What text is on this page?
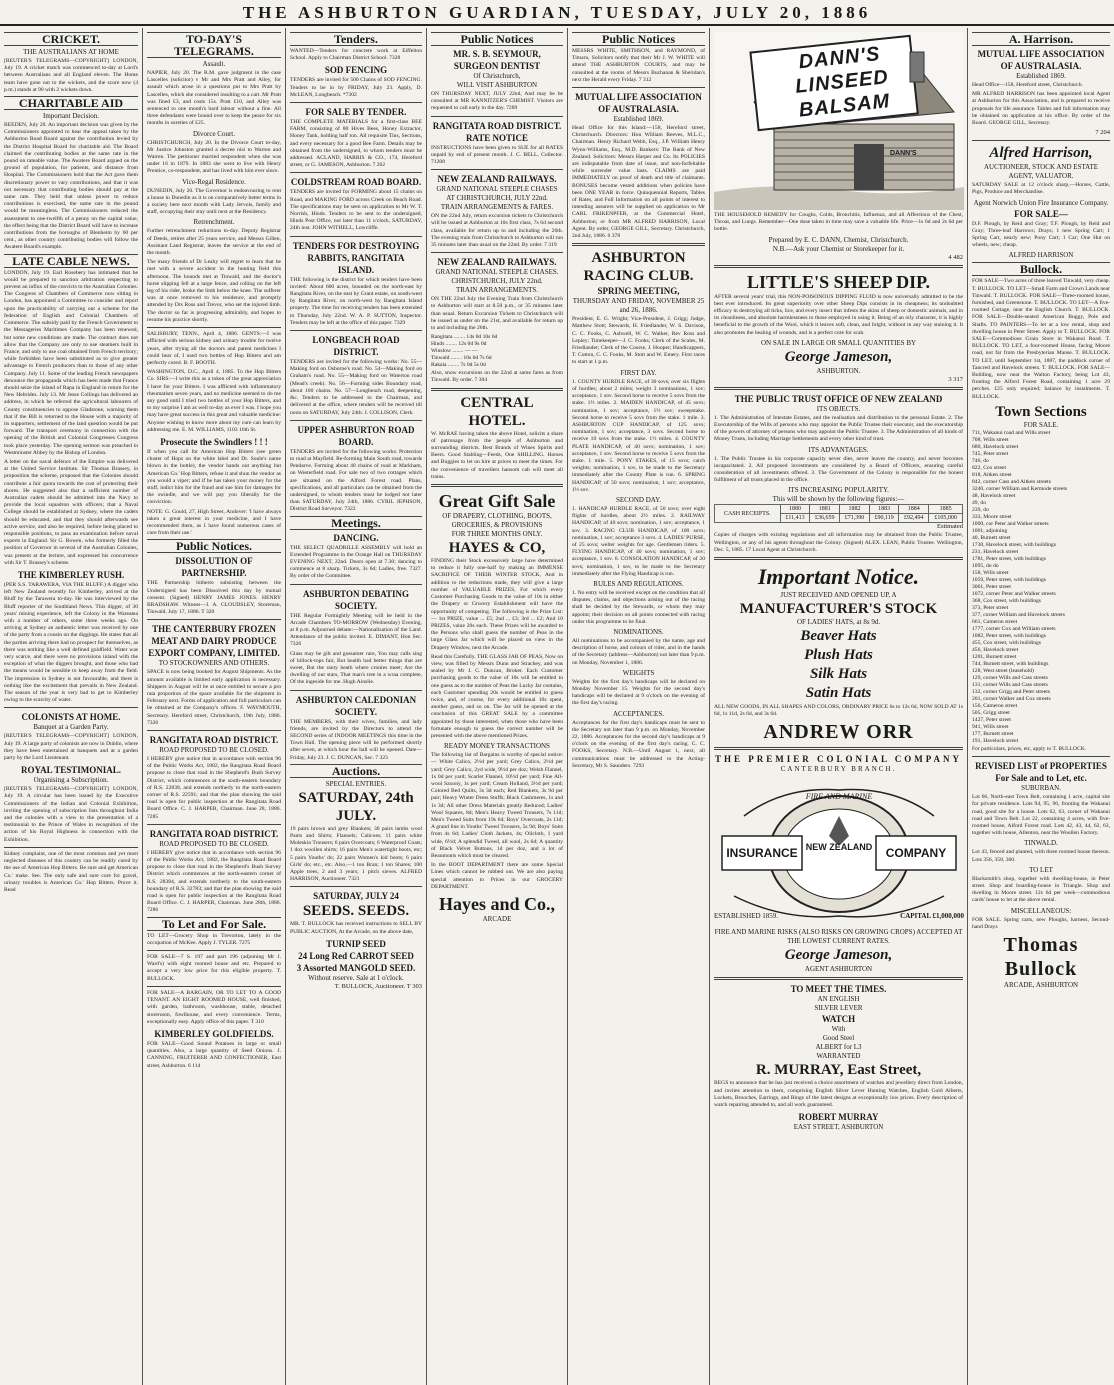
THE ASHBURTON GUARDIAN, TUESDAY, JULY 20, 1886
CRICKET.
THE AUSTRALIANS AT HOME

[REUTER'S TELEGRAMS—COPYRIGHT] LONDON, July 19. A cricket match was commenced to-day at Lord's between Australians and all England eleven. The Home team have gone out to the wickets, and the score now (4 p.m.) stands at 90 with 2 wickets down.

CHARITABLE AID
Important Decision.

BEEDEN, July 20. An important decision was given by the Commissioners appointed to hear the appeal taken by the Ashburton Road Board against the contribution levied by the District Hospital Board for charitable aid. The Board claimed the contributing bodies at the same rate in the pound on rateable value. The Awatere Board argued on the ground of population, for patients, and distance from Hospital. The Commissioners hold that the Act gave them discretionary power to vary contributions, and that it was not necessary that contributing bodies should pay at the same rate. They held that unless power to reduce contributions is exercised, the same rate in the pound would be meaningless. The Commissioners reduced the assessment to one-twelfth of a penny on the capital value, the effect being that the District Board will have to increase contributions from the boroughs of Blenheim by 60 per cent., as other country contributing bodies will follow the Awatere Board's example.

LATE CABLE NEWS.

LONDON, July 19. Earl Rosebery has intimated that he would be prepared to sanction arbitration respecting to prevent an influx of the convicts to the Australian Colonies. The Congress of Chambers of Commerce now sitting in London, has appointed a Committee to consider and report upon the practicability of carrying out a scheme for the federation of English and Colonial Chambers of Commerce. The subsidy paid by the French Government to the Messageries Maritimes Company has been renewed, but some new conditions are made. The contract does not allow that the Company are only to use steamers built in France, and only to use coal obtained from French territory; while forbidden have been substituted as to give greater advantage to French producers than to those of any other Company. July 11. Some of the leading French newspapers denounce the propaganda which has been made that France should seize the island of Rapa in England in return for the New Hebrides. July 13. Mr Jesse Collings has delivered an address, in which he referred the agricultural labourers of County constituencies to oppose Gladstone, warning them that if the Bill is returned to the House with a majority of its supporters, settlement of the land question would be put forward. The transport ceremony in connection with the opening of the British and Colonial Congresses Congress took place yesterday. The opening sermon was preached in Westminster Abbey by the Bishop of London.

A letter on the naval defence of the Empire was delivered at the United Service Institute. Sir Thomas Brassey, in proposition the scheme, proposed that the Colonies should contribute a fair quota towards the cost of protecting their shores. He suggested also that a sufficient number of Australian cadets should be admitted into the Navy to provide the local squadron with officers; that a Naval College should be established at Sydney, where the cadets should be educated, and that they should afterwards see active service, and also be required, before being placed to responsible positions, to pass an examination before naval experts in England. Sir G. Bowen, who formerly filled the position of Governor in several of the Australian Colonies, was present at the lecture, and expressed his concurrence with Sir T. Brassey's scheme.

THE KIMBERLEY RUSH.

(PER S.S. TARAWERA, VIA THE BLUFF.) A digger who left New Zealand recently for Kimberley, arrived at the Bluff by the Tarawera to-day. He was interviewed by the Bluff reporter of the Southland News. This digger, of 30 years' mining experience, left the Colony in the Wareatea with a number of others, some three weeks ago. On arriving at Sydney an authentic letter was received by one of the party from a cousin on the diggings. He states that all the parties arriving there had no prospect for themselves, as there was nothing like a well defined goldfield. Water was very scarce, and there were no provisions inland with the exception of what the diggers brought, and those who had the means would be sensible to keep away from the field. The impression in Sydney is not favourable, and there is nothing like the excitement that prevails in New Zealand. The season of the year is very bad to get to Kimberley owing to the scarcity of water.

COLONISTS AT HOME.
Banquet at a Garden Party.

[REUTER'S TELEGRAMS—COPYRIGHT] LONDON, July 19. A large party of colonists are now in Dublin, where they have been entertained at banquets and at a garden party by the Lord Lieutenant.

ROYAL TESTIMONIAL.
Organising a Subscription.

[REUTER'S TELEGRAMS—COPYRIGHT] LONDON, July 19. A circular has been issued by the Executive Commissioners of the Indian and Colonial Exhibition, inviting the opening of subscription lists throughout India and the colonies with a view to the presentation of a testimonial to the Prince of Wales in recognition of the action of his Royal Highness in connection with the Exhibition.

Kidney complaint, one of the most common and yet most neglected diseases of this country can be readily cured by the use of American Hop Bitters. Be sure and get American Co.' make. See. The only safe and sure cure for gravel, urinary troubles is American Co.' Hop Bitters. Prove it. Read

TO-DAY'S TELEGRAMS.
Assault.

NAPIER, July 20. The R.M. gave judgment in the case Lascelles (solicitor) v Mr and Mrs Pratt and Alley, for assault which arose in a questions put to Mrs Pratt by Lascelles, which she considered insulting to a cart. Mr Pratt was fined £3, and costs 15s. Pratt £10, and Alley was sentenced to one month's hard labour without a fine. All three defendants were bound over to keep the peace for six months in sureties of £25.

Divorce Court.

CHRISTCHURCH, July 20. In the Divorce Court to-day, Mr Justice Johnston granted a decree nisi to Warren and Warren. The petitioner married respondent when she was under 16 in 1879. In 1883 she went to live with Henry Prentice, co-respondent, and has lived with him ever since.

Vice-Regal Residence.

DUNEDIN, July 20. The Governor is endeavouring to rent a house in Dunedin as it is on comparatively better terms in a society here next month with Lady Jervois, family and staff, occupying their stay until next at the Residency.

Retrenchment.

Further retrenchment reductions to-day. Deputy Registrar of Deeds, retires after 25 years service, and Messrs Gillen, Assistant Land Registrar, leaves the service at the end of the month.

The many friends of Dr Leahy will regret to learn that he met with a severe accident in the hunting field this afternoon. The hounds met at Tinwald, and the doctor's horse slipping fell at a large fence, and rolling on the left leg of his rider, broke the limb below the knee. The sufferer was at once removed to his residence, and promptly attended by Drs Ross and Trevor, who set the injured limb. The doctor so far is progressing admirably, and hopes to resume his practice shortly.

SALISBURY, TENN., April 4, 1886. GENTS:—I was afflicted with serious kidney and urinary trouble for twelve years, after trying all the doctors and patent medicines I could hear of, I used two bottles of Hop Bitters and am perfectly cured. B. F. BOOTH.

WASHINGTON, D.C., April 4, 1885. To the Hop Bitters Co. SIRS:—I write this as a token of the great appreciation I have for your Bitters. I was afflicted with inflammatory rheumatism seven years, and no medicine seemed to do me any good until I tried two bottles of your Hop Bitters, and to my surprise I am as well to-day as ever I was. I hope you may have great success in this great and valuable medicine: Anyone wishing to know more about my cure can learn by addressing me. E. M. WILLIAMS, 1103 16th St.

Prosecute the Swindlers ! ! !

If when you call for American Hop Bitters (see green cluster of Hops on the white label and Dr. Soule's name blown in the bottle), the vendor hands out anything but American Co.' Hop Bitters, refuse it and shun the vendor as you would a viper; and if he has taken your money for the stuff, indict him for the fraud and sue him for damages for the swindle, and we will pay you liberally for the conviction.

NOTE: G. Gould, 27, High Street, Andover: 'I have always taken a great interest in your medicine, and I have recommended them, as I have found numerous cases of cure from their use.'

Public Notices.
DISSOLUTION OF PARTNERSHIP.

THE Partnership hitherto subsisting between the Undersigned has been Dissolved this day by mutual consent. (Signed) HENRY JAMES JONES. HENRY BRADSHAW. Witness—J. A. CLOUDSLEY, Storeman, Tinwald. July 17, 1886. T 320

THE CANTERBURY FROZEN MEAT AND DAIRY PRODUCE EXPORT COMPANY, LIMITED.
TO STOCKOWNERS AND OTHERS.

SPACE is now being booked for August Shipments. As the amount available is limited early application is necessary. Shippers in August will be at once entitled to secure a pro rata proportion of the space available for the shipment in February next. Forms of application and full particulars can be obtained at the Company's offices. F. WAYMOUTH, Secretary. Hereford street, Christchurch, 19th July, 1886. 7326

RANGITATA ROAD DISTRICT.
ROAD PROPOSED TO BE CLOSED.

I HEREBY give notice that in accordance with section 96 of the Public Works Act, 1882, the Rangitata Road Board propose to close that road in the Shepherd's Bush Survey District, which commences at the south-eastern boundary of R.S. 22838, and extends northerly to the north-eastern corner of R.S. 22591; and that the plan showing the said road is open for public inspection at the Rangitata Road Board Office. C. J. HARPER, Chairman. June 28, 1886. 7285

RANGITATA ROAD DISTRICT.
ROAD PROPOSED TO BE CLOSED.

I HEREBY give notice that in accordance with section 96 of the Public Works Act, 1882, the Rangitata Road Board propose to close that road in the Shepherd's Bush Survey District which commences at the north-eastern corner of R.S. 28384, and extends northerly to the south-eastern boundary of R.S. 32783; and that the plan showing the said road is open for public inspection at the Rangitata Road Board Office. C. J. HARPER, Chairman. June 28th, 1886. 7286

To Let and For Sale.

TO LET—Grocery Shop in Trevorton, lately in the occupation of McKee. Apply J. TYLER. 7275

FOR SALE—7 S. 197 and part 196 (adjoining Mr J. Ward's) with eight roomed house and etc. Prepared to accept a very low price for this eligible property. T. BULLOCK.

FOR SALE—A BARGAIN, OR TO LET TO A GOOD TENANT. AN EIGHT ROOMED HOUSE, well finished, with garden, bathroom, washhouse, stable, detached storeroom, fowlhouse, and every convenience. Terms, exceptionally easy. Apply office of this paper. T 310

KIMBERLEY GOLDFIELDS.

FOR SALE—Good Sound Potatoes in large or small quantities. Also, a large quantity of Seed Onions. J. CANNING, FRUITERER AND CONFECTIONER, East street, Ashburton. 6 114

Tenders.

WANTED—Tenders for concrete work at Eiffelton School. Apply to Chairman District School. 7328

SOD FENCING

TENDERS are invited for 500 Chains of SOD FENCING. Tenders to be in by FRIDAY, July 23. Apply, D. McLEAN, Longbeach. *7302

FOR SALE BY TENDER.

THE COMPLETE MATERIALS for a first-class BEE FARM, consisting of 80 Hives Bees, Honey Extractor, Honey Tank, holding half ton. All requisite Tins, Sections, and every necessary for a good Bee Farm. Details may be obtained from the undersigned, to whom tenders must be addressed. ACLAND, HARRIS & CO., 174, Hereford street, or G. JAMESON, Ashburton. 7 262

COLDSTREAM ROAD BOARD.

TENDERS are invited for FORMING about 15 chains on Road, and MAKING FORD across Creek on Beach Road. The specifications may be seen on application to Mr W. T. Norrish, Hinds. Tenders to be sent to the undersigned, Hinds Post Office, not later than 11 o'clock, SATURDAY, 24th inst. JOHN WITHELL, Lowcliffe.

TENDERS FOR DESTROYING RABBITS, RANGITATA ISLAND.

THE following is the district for which tenders have been invited: About 600 acres, bounded on the north-east by Rangitata River, on the east by Grant estate, on south-west by Rangitata River, on north-west by Rangitata Island property. The time for receiving tenders has been extended to Thursday, July 22nd. W. A. P. SUTTON, Inspector. Tenders may be left at the office of this paper. 7329

LONGBEACH ROAD DISTRICT.

TENDERS are invited for the following works: No. 55—Making ford on Osborne's road. No. 54—Making ford on Graham's road. No. 55—Making ford on Waterton road (Mead's creek). No. 56—Forming sides Boundary road, about 100 chains. No. 57—Longbeach road, deepening, &c. Tenders to be addressed to the Chairman, and delivered at the office, where tenders will be received till noon on SATURDAY, July 24th. J. COLLISON, Clerk.

UPPER ASHBURTON ROAD BOARD.

TENDERS are invited for the following works: Protection to road at Mayfield. Re-forming Main South road, towards Pendarve. Forming about 40 chains of road at Markham, on Westerfield road. For sale two of two cottages which are situated on the Alford Forest road. Plans, specifications, and all particulars can be obtained from the undersigned, to whom tenders must be lodged not later than SATURDAY, July 24th, 1886. CYRIL JEPHSON, District Road Surveyor. 7322

Meetings.
DANCING.

THE SELECT QUADRILLE ASSEMBLY will hold an Extended Programme in the Orange Hall on THURSDAY EVENING NEXT, 22nd. Doors open at 7.30; dancing to commence at 8 sharp. Tickets, 3s 6d; Ladies, free. 7327. By order of the Committee.

ASHBURTON DEBATING SOCIETY.

THE Regular Fortnightly Meeting will be held in the Arcade Chambers TO-MORROW (Wednesday) Evening, at 8 p.m. Adjourned debate:—Nationalisation of the Land. Attendance of the public invited. E. DIMANT, Hon Sec. 7326

Glass may be gilt and gossamer rare, You may calls sing of hillock-tops fair, But health had better things that are sweet, But the ranty heath where cronies meet; Are the dwelling of our stars, That man's tree in a wraa complete, Of the ingeside for me. Hugh Ainslie.

ASHBURTON CALEDONIAN SOCIETY.

THE MEMBERS, with their wives, families, and lady friends, are invited by the Directors to attend the SECOND series of INDOOR MEETINGS this time in the Town Hall. The opening piece will be performed shortly after seven, at which hour the hall will be opened. Date—Friday, July 23. J. C. DUNCAN, Sec. 7 323

Auctions.
SPECIAL ENTRIES.
SATURDAY, 24th JULY.

19 pairs brown and grey Blankets; 30 pairs lambs wool Pants and Shirts; Flannels; Calicoes; 11 pairs white Moleskin Trousers; 6 pairs Overcoats; 6 Waterproof Coats; 1 doz woollen shirts; 16 pairs Men's watertight boots, etc; 5 pairs Youths' do; 22 pairs Women's kid boots; 6 pairs Girls' do; etc., etc. Also,—1 ton Bran; 1 ton Shares; 100 Apple trees, 2 and 3 years; 1 pitch sieves. ALFRED HARRISON, Auctioneer. 7321

SATURDAY, JULY 24
SEEDS. SEEDS.

MR. T. BULLOCK has received instructions to SELL BY PUBLIC AUCTION, At the Arcade, on the above date,

TURNIP SEED
24 Long Red CARROT SEED
3 Assorted MANGOLD SEED.
Without reserve. Sale at 1 o'clock.
T. BULLOCK, Auctioneer. T 303
Public Notices
MR. S. B. SEYMOUR,
SURGEON DENTIST
Of Christchurch,
WILL VISIT ASHBURTON

ON THURSDAY NEXT, JULY 22nd, And may be be consulted at MR KANNITZER'S CHEMIST. Visitors are requested to call early in the day. 7289

RANGITATA ROAD DISTRICT. RATE NOTICE

INSTRUCTIONS have been given to SUE for all RATES unpaid by end of present month. J. C. BELL, Collector. 71208

NEW ZEALAND RAILWAYS.
GRAND NATIONAL STEEPLE CHASES
AT CHRISTCHURCH, JULY 22nd.
TRAIN ARRANGEMENTS & FARES.

ON the 22nd July, return excursion tickets to Christchurch will be issued at Ashburton at 10s first class, 7s 6d second class, available for return up to and including the 26th. The evening train from Christchurch to Ashburton will run 35 minutes later than usual on the 22nd. By order. 7 319

NEW ZEALAND RAILWAYS.
GRAND NATIONAL STEEPLE CHASES.
CHRISTCHURCH, JULY 22nd.
TRAIN ARRANGEMENTS.

ON THE 22nd July the Evening Train from Christchurch to Ashburton will start at 8.50 p.m., or 35 minutes later than usual. Return Excursion Tickets to Christchurch will be issued as under on the 21st, and available for return up to and including the 26th.

Rangitata ........ 14s 0d 10s 6d
Hinds ........ 12s 0d 9s 0d
Winslow ........ — —
Tinwald ........ 10s 0d 7s 6d
Rakaia ........ 7s 0d 5s 0d

Also, snow excursions on the 22nd at same fares as from Tinwald. By order. 7 304

CENTRAL HOTEL.

W. McRAE having taken the above Hotel, solicits a share of patronage from the people of Ashburton and surrounding districts. Best Brands of Wines Spirits and Beers. Good Stabling—Feeds, One SHILLING. Horses and Buggies to let on hire at prices to meet the times. For the convenience of travellers hansom cab will meet all trains.

Great Gift Sale
OF DRAPERY, CLOTHING, BOOTS, GROCERIES, & PROVISIONS
FOR THREE MONTHS ONLY.
HAYES & CO,

FINDING their Stock excessively large have determined to reduce it fully one-half by making an IMMENSE SACRIFICE OF THEIR WINTER STOCK, And in addition to the reductions made, they will give a large number of VALUABLE PRIZES, For which every Customer Purchasing Goods to the value of 10s in either the Drapery or Grocery Establishment will have the opportunity of competing. The following is the Prize List:— 1st PRIZE, value ... £5; 2nd ... £3; 3rd ... £2; And 10 PRIZES, value 20s each. These Prizes will be awarded to the Persons who shall guess the number of Peas in the large Glass Jar which will be placed on view in the Drapery Window, next the Arcade.

Read this Carefully. THE GLASS JAR OF PEAS, Now on view, was filled by Messrs Dunn and Strachey, and was sealed by Mr J. C. Duncan, Broker. Each Customer purchasing goods to the value of 10s will be entitled to one guess as to the number of Peas the Lucky Jar contains, each Customer spending 20s would be entitled to guess twice, and, of course, for every additional 10s spent, another guess, and so on. The Jar will be opened at the conclusion of this GREAT SALE by a committee appointed by those interested, when those who have been fortunate enough to guess the correct number will be presented with the above mentioned Prizes.

READY MONEY TRANSACTIONS

The following list of Bargains is worthy of special notice:— White Calico, 2½d per yard; Grey Calico, 2½d per yard; Grey Calico, 2yd wide, 9½d per doz; Welsh Flannel, 1s 0d per yard; Scarlet Flannel, 10½d per yard; Fine All-wool Saxony, 1s per yard; Cream Holland, 3½d per yard; Colored Bed Quilts, 3s 3d each; Red Blankets, 3s 9d per pair; Heavy Winter Dress Stuffs; Black Cashmeres, 1s and 1s 3d; All other Dress Materials greatly Reduced; Ladies' Wool Squares, 8d; Men's Heavy Tweed Trousers, 7s 11d; Men's Tweed Suits from 19s 6d; Boys' Overcoats, 2s 11d; A grand line in Youths' Tweed Trousers, 5s 9d; Boys' Suits from 4s 6d; Ladies' Cloth Jackets, 4s; Oilcloth, 1 yard wide, 6½d; A splendid Tweed, all wool, 2s 6d; A quantity of Black Velvet Buttons, 1d per doz, and a lot of Beaumonts which must be cleared.

In the BOOT DEPARTMENT there are some Special Lines which cannot be rubbed out. We are also paying special attention to Prices in our GROCERY DEPARTMENT.

Hayes and Co.,
ARCADE
Public Notices

MESSRS WHITE, SMITHSON, and RAYMOND, of Timaru, Solicitors notify that their Mr J. W. WHITE will attend THE ASHBURTON COURTS, and may be consulted at the rooms of Messrs Buchanan & Sheridan's next the Herald every Friday. 7 312

MUTUAL LIFE ASSOCIATION OF AUSTRALASIA.
Established 1869.

Head Office for this Island:—158, Hereford street, Christchurch. Directors: Hon William Reeves, M.L.C., Chairman. Henry Richard Webb, Esq., J.P. William Henry Wynn-Williams, Esq., M.D. Bankers: The Bank of New Zealand. Solicitors: Messrs Harper and Co. Its POLICIES are indisputable from date of issue, and non-forfeitable while surrender value lasts. CLAIMS are paid IMMEDIATELY on proof of death and title of claimants. BONUSES become vested additions when policies have been ONE YEAR in force. Quinquennial Reports, Tables of Rates, and Full Information on all points of interest to intending assurers will be supplied on application to Mr CARL FRIKENPFER, at the Commercial Hotel, Ashburton; or from MR ALFRED HARRISON, Local Agent. By order, GEORGE GILL, Secretary. Christchurch, 2nd July, 1886. 6 378

ASHBURTON RACING CLUB.
SPRING MEETING,
THURSDAY AND FRIDAY, NOVEMBER 25 and 26, 1886.

President, E. G. Wright; Vice-President, J. Grigg; Judge, Matthew Stott; Stewards, H. Friedlander, W. S. Davison, C. C. Fooks, C. Ashwell, W. C. Walker, Rev Ross and Lepley; Timekeeper—J. C. Fooks; Clerk of the Scales, M. Friedlander; Clerk of the Course, J. Hooper; Handicappers, T. Cotton, C. C. Fooks, M. Stott and W. Emery. First races to start at 1 p.m.

FIRST DAY.

1. COUNTY HURDLE RACE, of 30 sovs; over six flights of hurdles; about 2 miles; weight 3 nominations, 1 sov; acceptance, 1 sov. Second horse to receive 5 sovs from the stake. 1½ miles. 2. MAIDEN HANDICAP, of 45 sovs; nomination, 1 sov; acceptance, 1½ sov; sweepstake. Second horse to receive 5 sovs from the stake. 1 mile. 3. ASHBURTON CUP HANDICAP, of 125 sovs; nomination, 1 sov; acceptance, 3 sovs. Second horse to receive 10 sovs from the stake. 1½ miles. 4. COUNTY PLATE HANDICAP, of 40 sovs; nomination, 1 sov; acceptance, 1 sov. Second horse to receive 5 sovs from the stake. 1 mile. 5. PONY STAKES, of 15 sovs; catch weights; nomination, 1 sov, to be made to the Secretary immediately after the County Plate is run. 6. SPRING HANDICAP, of 50 sovs; nomination, 1 sov; acceptance, 1½ sov.

SECOND DAY.

1. HANDICAP HURDLE RACE, of 50 sovs; over eight flights of hurdles, about 2½ miles. 2. RAILWAY HANDICAP, of 40 sovs; nomination, 1 sov; acceptance, 1 sov. 3. RACING CLUB HANDICAP, of 100 sovs; nomination, 1 sov; acceptance 3 sovs. 4. LADIES' PURSE, of 25 sovs; welter weights for age. Gentlemen riders. 5. FLYING HANDICAP, of 40 sovs; nomination, 1 sov; acceptance, 1 sov. 6. CONSOLATION HANDICAP, of 20 sovs; nomination, 1 sov, to be made to the Secretary immediately after the Flying Handicap is run.

RULES AND REGULATIONS.

1. No entry will be received except on the condition that all disputes, claims, and objections arising out of the racing shall be decided by the Stewards, or whom they may appoint; their decision on all points connected with racing under this programme to be final.

NOMINATIONS.

All nominations to be accompanied by the name, age and description of horse, and colours of rider, and in the hands of the Secretary (address—Ashburton) not later than 9 p.m. on Monday, November 1, 1886.

WEIGHTS

Weights for the first day's handicaps will be declared on Monday November 15. Weights for the second day's handicaps will be declared at 9 o'clock on the evening of the first day's racing.

ACCEPTANCES.

Acceptances for the first day's handicaps must be sent to the Secretary not later than 9 p.m. on Monday, November 22, 1886. Acceptances for the second day's handicaps at 9 o'clock on the evening of the first day's racing. C. C. FOOKS, Secretary. N.B.—Until August 1, next, all communications must be addressed to the Acting-Secretary, Mr S. Saunders. 7293

DANN'S LINSEED BALSAM
DANN'S

THE HOUSEHOLD REMEDY for Coughs, Colds, Bronchitis, Influenza, and all Affections of the Chest, Throat, and Lungs. Remember—One dose taken in time may save a valuable life. Price—1s 6d and 2s 6d per bottle.

Prepared by E. C. DANN, Chemist, Christchurch.
N.B.—Ask your Chemist or Storekeeper for it.
4 482
LITTLE'S SHEEP DIP.

AFTER several years' trial, this NON-POISONOUS DIPPING FLUID is now universally admitted to be the best ever introduced. Its great superiority over other Sheep Dips consists in its cheapness; its undoubted efficacy in destroying all ticks, lice, and every insect that infests the skins of sheep or domestic animals, and in its cleanliness, and absolute harmlessness to those employed in using it. Being of an oily character, it is highly beneficial to the growth of the Wool, which it leaves soft, clean, and bright, without in any way staining it. It also promotes the healing of wounds, and is a perfect cure for scab.

ON SALE IN LARGE OR SMALL QUANTITIES BY
George Jameson,
ASHBURTON.
3 317
THE PUBLIC TRUST OFFICE OF NEW ZEALAND
ITS OBJECTS.

1. The Administration of Intestate Estates, and the realisation and distribution to the personal Estate. 2. The Executorship of the Wills of persons who may appoint the Public Trustee their executor, and the executorship of the powers of attorney of persons who may appoint the Public Trustee. 3. The Administration of all kinds of Money Trusts, including Marriage Settlements and every other kind of trust.

ITS ADVANTAGES.

1. The Public Trustee in his corporate capacity never dies, never leaves the country, and never becomes incapacitated. 2. All proposed investments are considered by a Board of Officers, ensuring careful consideration of all investments offered. 3. The Government of the Colony is responsible for the honest fulfilment of all trusts placed in the office.

ITS INCREASING POPULARITY.
This will be shown by the following figures:—
CASH RECEIPTS.	1880	1881	1882	1883	1884	1885
	£11,413	£36,659	£71,390	£90,119	£92,494	£105,000
Estimated

Copies of charges with existing regulations and all information may be obtained from the Public Trustee, Wellington, or any of his agents throughout the Colony. (Signed) ALEX. LEAN, Public Trustee. Wellington, Dec. 5, 1885. 17 Local Agent at Christchurch.

Important Notice.
JUST RECEIVED AND OPENED UP, A
MANUFACTURER'S STOCK
OF LADIES' HATS, at 8s 9d.
Beaver Hats
Plush Hats
Silk Hats
Satin Hats

ALL NEW GOODS, IN ALL SHAPES AND COLORS, ORDINARY PRICE 6s to 12s 6d, NOW SOLD AT 1s 6d, 1s 11d, 2s 6d, and 3s 6d.

ANDREW ORR
THE PREMIER COLONIAL COMPANY
CANTERBURY BRANCH.
FIRE AND MARINE
NEW ZEALAND
INSURANCE	COMPANY
ESTABLISHED 1859.	CAPITAL £1,000,000
FIRE AND MARINE RISKS (ALSO RISKS ON GROWING CROPS) ACCEPTED AT THE LOWEST CURRENT RATES.
George Jameson,
AGENT ASHBURTON
TO MEET THE TIMES.
AN ENGLISH
SILVER LEVER
WATCH
With
Good Steel
ALBERT for L3
WARRANTED
R. MURRAY, East Street,

BEGS to announce that he has just received a choice assortment of watches and jewellery direct from London, and invites attention to them, comprising English Silver Lever Hunting Watches, English Gold Alberts, Lockets, Brooches, Earrings, and Rings of the latest designs at exceptionally low prices. Every description of watch repairing attended to, and all work guaranteed.

ROBERT MURRAY
EAST STREET, ASHBURTON
A. Harrison.
MUTUAL LIFE ASSOCIATION OF AUSTRALASIA.
Established 1869.

Head Office—158, Hereford street, Christchurch.

MR ALFRED HARRISON has been appointed local Agent at Ashburton for this Association, and is prepared to receive proposals for life assurance. Tables and full information may be obtained on application at his office. By order of the Board. GEORGE GILL, Secretary.

7 204
Alfred Harrison,
AUCTIONEER, STOCK AND ESTATE AGENT, VALUATOR.

SATURDAY SALE at 12 o'clock sharp,—Horses, Cattle, Pigs, Produce and Merchandise.

Agent Norwich Union Fire Insurance Company.
FOR SALE—

D.F. Plough, by Reid and Gray; T.F. Plough, by Reid and Gray; Three-leaf Harrows; Drays; 1 new Spring Cart; 1 Spring Cart, nearly new; Pony Cart; 1 Car; One Hut on wheels, new; cheap.

ALFRED HARRISON
Bullock.

FOR SALE—Two acres of three leaved Tinwald, very cheap. T. BULLOCK. TO LET—Small Farm and Crown Lands near Tinwald. T. BULLOCK. FOR SALE—Three-roomed house, furnished, and Greenstone. T. BULLOCK. TO LET—A five-roomed Cottage, near the English Church. T. BULLOCK. FOR SALE—Double-seated American Buggy, Pole and Shafts. TO PAINTERS—To let at a low rental, shop and dwelling house in Peter Street. Apply to T. BULLOCK. FOR SALE—Commodious Grain Store in Wakanui Road. T. BULLOCK. TO LET, a four-roomed House, facing Moore road, not far from the Presbyterian Manse. T. BULLOCK. TO LET, until September 1st, 1887, the paddock corner of Tancred and Havelock streets. T. BULLOCK. FOR SALE—Building, now near the Walton Factory, being Lot 43, fronting the Alford Forest Road, containing 1 acre 29 perches. £25 only required; balance by instalments. T. BULLOCK.

Town Sections
FOR SALE.
711, Wakanui road and Wills street
708, Wills street
680, Havelock street
745, Peter street
746, do
822, Cox street
818, Aitken street
842, corner Cass and Aitken streets
3240, corner William and Kermode streets
48, Havelock street
49, do
239, do
333, Moore street
1000, cor Peter and Walker streets
1001, adjoining
40, Burnett street
1730, Havelock street, with buildings
231, Havelock street
1781, Peter street, with buildings
1095, do do
158, Wills street
1059, Peter street, with buildings
3061, Peter street
1072, corner Peter and Walker streets
368, Cox street, with buildings
373, Peter street
377, corner William and Havelock streets
661, Cameron street
1777, corner Cox and William streets
1082, Peter street, with buildings
455, Cox street, with buildings
456, Havelock street
1201, Burnett street
744, Burnett street, with buildings
128, West street (leasehold)
129, corner Wills and Cass streets
131, corner Wills and Cass streets
132, corner Grigg and Peter streets
201, corner Walker and Cox streets
156, Cameron street
505, Grigg street
1427, Peter street
941, Wills street
177, Burnett street
191, Havelock street

For particulars, prices, etc, apply to T. BULLOCK.

REVISED LIST of PROPERTIES For Sale and to Let, etc.
SUBURBAN.

Lot 66, North-east Town Belt, containing 1 acre, capital site for private residence. Lots 94, 95, 96, fronting the Wakanui road, good site for a house. Lots 62, 63, corner of Wakanui road and Town Belt. Lot 22, containing 4 acres, with five-roomed house, Alford Forest road. Lots 42, 43, 44, 62, 63, together with house, Allenton, near the Woollen Factory.

TINWALD.

Lot 43, fenced and planted, with three roomed house thereon. Lots 356, 358, 360.

TO LET

Blacksmith's shop, together with dwelling-house, in Peter street. Shop and boarding-house in Triangle. Shop and dwelling in Moore street. 12s 6d per week—commodious cards' house to let at the above rental.

MISCELLANEOUS:

FOR SALE. Spring carts, new Ploughs, harness, Second-hand Drays

Thomas Bullock
ARCADE, ASHBURTON
